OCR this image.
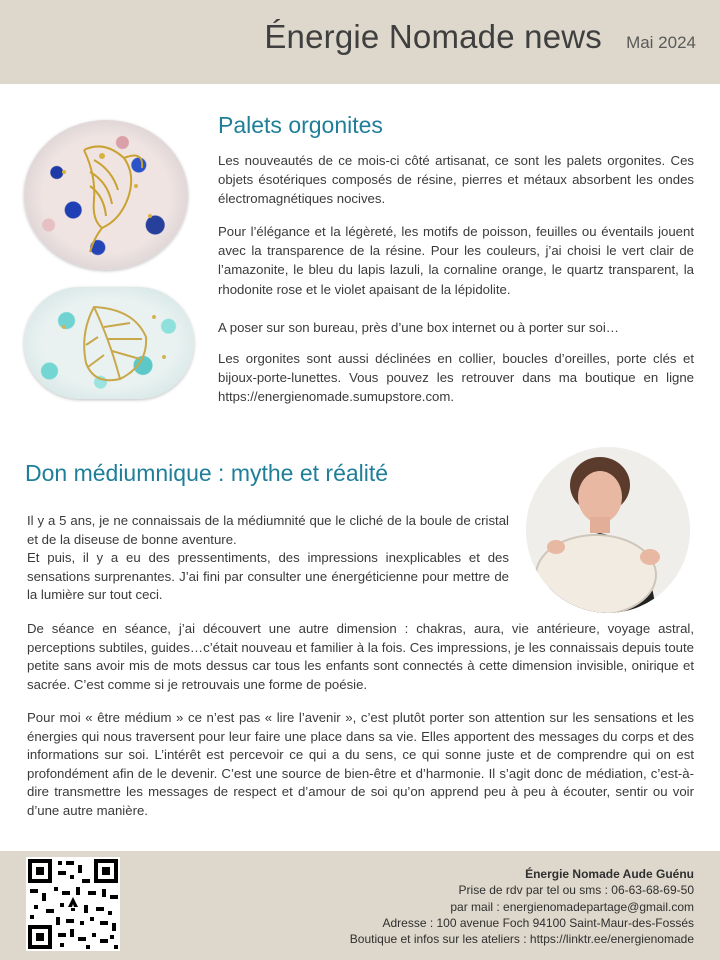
Énergie Nomade news Mai 2024
Palets orgonites

Les nouveautés de ce mois-ci côté artisanat, ce sont les palets orgonites. Ces objets ésotériques composés de résine, pierres et métaux absorbent les ondes électromagnétiques nocives.

Pour l’élégance et la légèreté, les motifs de poisson, feuilles ou éventails jouent avec la transparence de la résine. Pour les couleurs, j’ai choisi le vert clair de l’amazonite, le bleu du lapis lazuli, la cornaline orange, le quartz transparent, la rhodonite rose et le violet apaisant de la lépidolite.

A poser sur son bureau, près d’une box internet ou à porter sur soi…

Les orgonites sont aussi déclinées en collier, boucles d’oreilles, porte clés et bijoux-porte-lunettes. Vous pouvez les retrouver dans ma boutique en ligne https://energienomade.sumupstore.com.

Don médiumnique : mythe et réalité

Il y a 5 ans, je ne connaissais de la médiumnité que le cliché de la boule de cristal et de la diseuse de bonne aventure.

Et puis, il y a eu des pressentiments, des impressions inexplicables et des sensations surprenantes. J’ai fini par consulter une énergéticienne pour mettre de la lumière sur tout ceci.

De séance en séance, j’ai découvert une autre dimension : chakras, aura, vie antérieure, voyage astral, perceptions subtiles, guides…c’était nouveau et familier à la fois. Ces impressions, je les connaissais depuis toute petite sans avoir mis de mots dessus car tous les enfants sont connectés à cette dimension invisible, onirique et sacrée. C’est comme si je retrouvais une forme de poésie.

Pour moi « être médium » ce n’est pas « lire l’avenir », c’est plutôt porter son attention sur les sensations et les énergies qui nous traversent pour leur faire une place dans sa vie. Elles apportent des messages du corps et des informations sur soi. L’intérêt est percevoir ce qui a du sens, ce qui sonne juste et de comprendre qui on est profondément afin de le devenir. C’est une source de bien-être et d’harmonie. Il s’agit donc de médiation, c’est-à-dire transmettre les messages de respect et d’amour de soi qu’on apprend peu à peu à écouter, sentir ou voir d’une autre manière.

Énergie Nomade Aude Guénu
Prise de rdv par tel ou sms : 06-63-68-69-50
par mail : energienomadepartage@gmail.com
Adresse : 100 avenue Foch 94100 Saint-Maur-des-Fossés
Boutique et infos sur les ateliers : https://linktr.ee/energienomade
